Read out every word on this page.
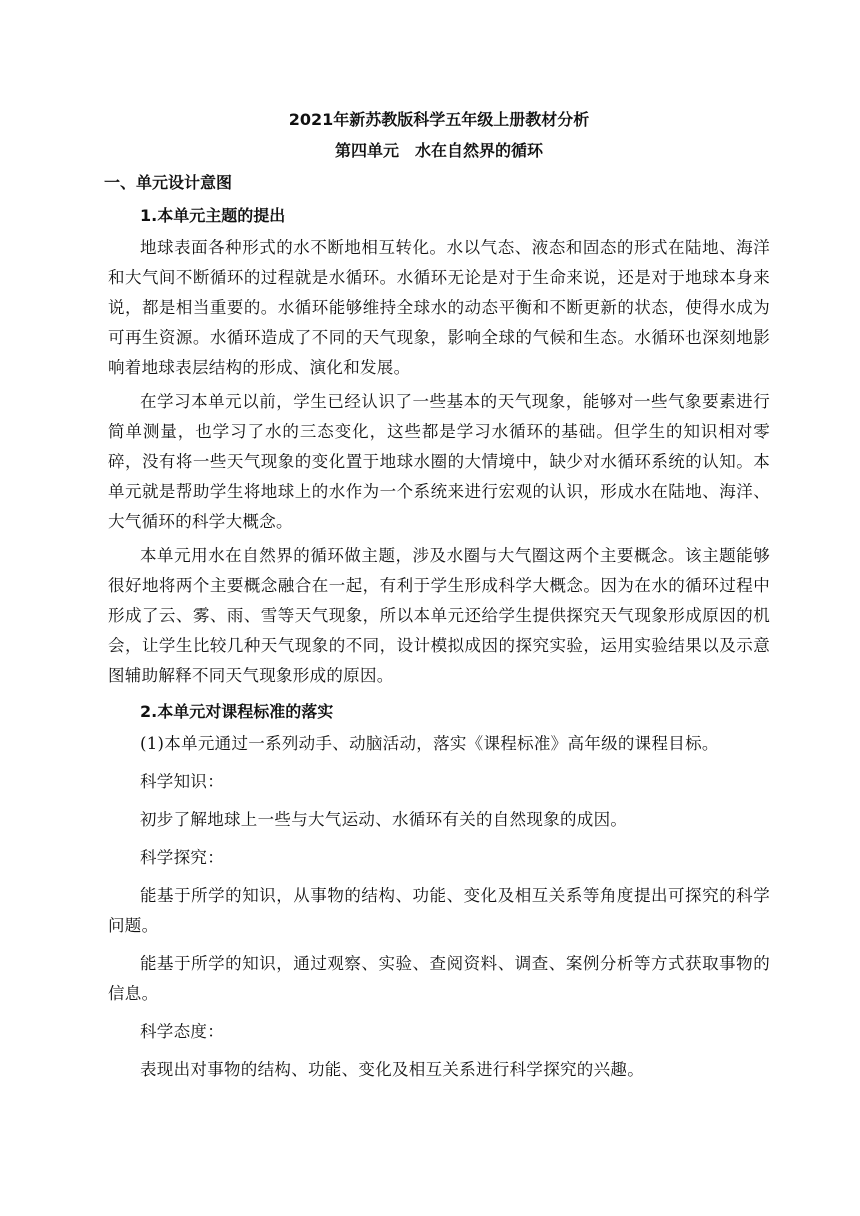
2021年新苏教版科学五年级上册教材分析
第四单元　水在自然界的循环
一、单元设计意图
1.本单元主题的提出

地球表面各种形式的水不断地相互转化。水以气态、液态和固态的形式在陆地、海洋和大气间不断循环的过程就是水循环。水循环无论是对于生命来说，还是对于地球本身来说，都是相当重要的。水循环能够维持全球水的动态平衡和不断更新的状态，使得水成为可再生资源。水循环造成了不同的天气现象，影响全球的气候和生态。水循环也深刻地影响着地球表层结构的形成、演化和发展。

在学习本单元以前，学生已经认识了一些基本的天气现象，能够对一些气象要素进行简单测量，也学习了水的三态变化，这些都是学习水循环的基础。但学生的知识相对零碎，没有将一些天气现象的变化置于地球水圈的大情境中，缺少对水循环系统的认知。本单元就是帮助学生将地球上的水作为一个系统来进行宏观的认识，形成水在陆地、海洋、大气循环的科学大概念。

本单元用水在自然界的循环做主题，涉及水圈与大气圈这两个主要概念。该主题能够很好地将两个主要概念融合在一起，有利于学生形成科学大概念。因为在水的循环过程中形成了云、雾、雨、雪等天气现象，所以本单元还给学生提供探究天气现象形成原因的机会，让学生比较几种天气现象的不同，设计模拟成因的探究实验，运用实验结果以及示意图辅助解释不同天气现象形成的原因。

2.本单元对课程标准的落实

(1)本单元通过一系列动手、动脑活动，落实《课程标准》高年级的课程目标。

科学知识：

初步了解地球上一些与大气运动、水循环有关的自然现象的成因。

科学探究：

能基于所学的知识，从事物的结构、功能、变化及相互关系等角度提出可探究的科学问题。

能基于所学的知识，通过观察、实验、查阅资料、调查、案例分析等方式获取事物的信息。

科学态度：

表现出对事物的结构、功能、变化及相互关系进行科学探究的兴趣。
